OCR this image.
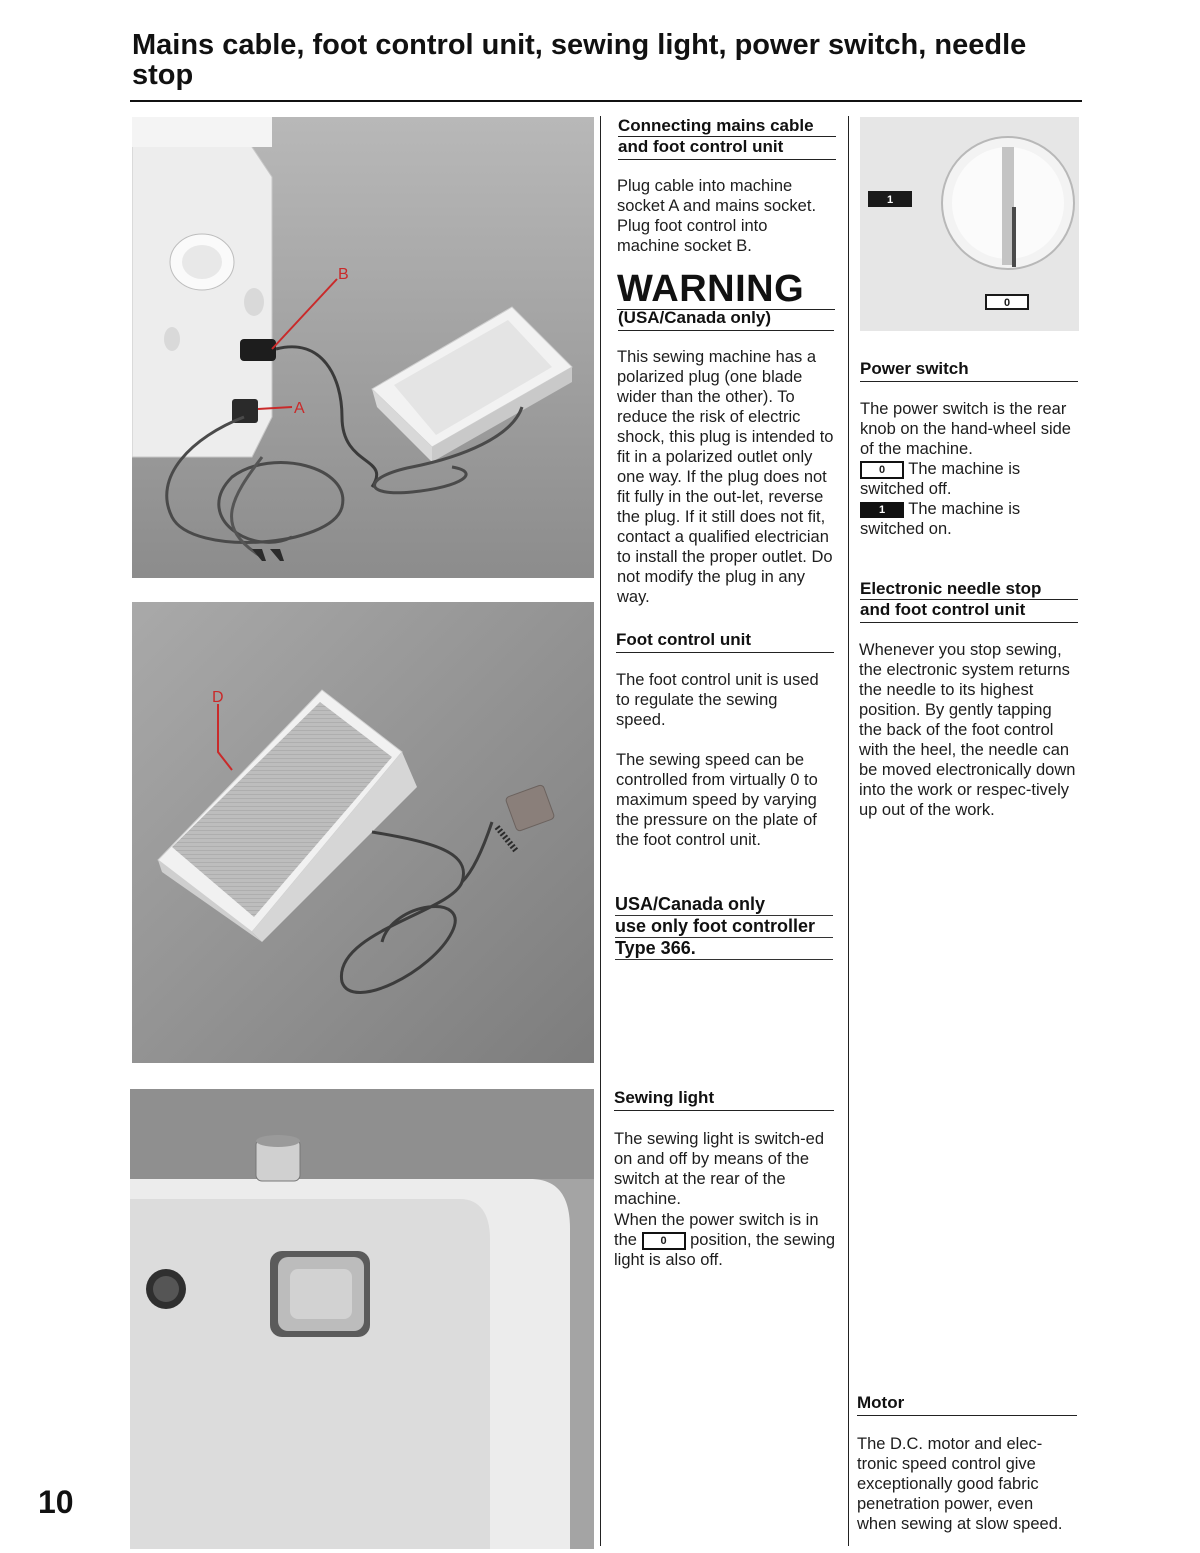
Mains cable, foot control unit, sewing light, power switch, needle stop
B
A
D
1
0
Connecting mains cable
and foot control unit

Plug cable into machine socket A and mains socket. Plug foot control into machine socket B.

WARNING
(USA/Canada only)

This sewing machine has a polarized plug (one blade wider than the other). To reduce the risk of electric shock, this plug is intended to fit in a polarized outlet only one way. If the plug does not fit fully in the out-let, reverse the plug. If it still does not fit, contact a qualified electrician to install the proper outlet. Do not modify the plug in any way.

Foot control unit

The foot control unit is used to regulate the sewing speed.

The sewing speed can be controlled from virtually 0 to maximum speed by varying the pressure on the plate of the foot control unit.

USA/Canada only
use only foot controller
Type 366.
Sewing light

The sewing light is switch-ed on and off by means of the switch at the rear of the machine.

When the power switch is in the 0 position, the sewing light is also off.

Power switch

The power switch is the rear knob on the hand-wheel side of the machine.

0 The machine is switched off.

1 The machine is switched on.

Electronic needle stop
and foot control unit

Whenever you stop sewing, the electronic system returns the needle to its highest position. By gently tapping the back of the foot control with the heel, the needle can be moved electronically down into the work or respec-tively up out of the work.

Motor

The D.C. motor and elec-tronic speed control give exceptionally good fabric penetration power, even when sewing at slow speed.

10
